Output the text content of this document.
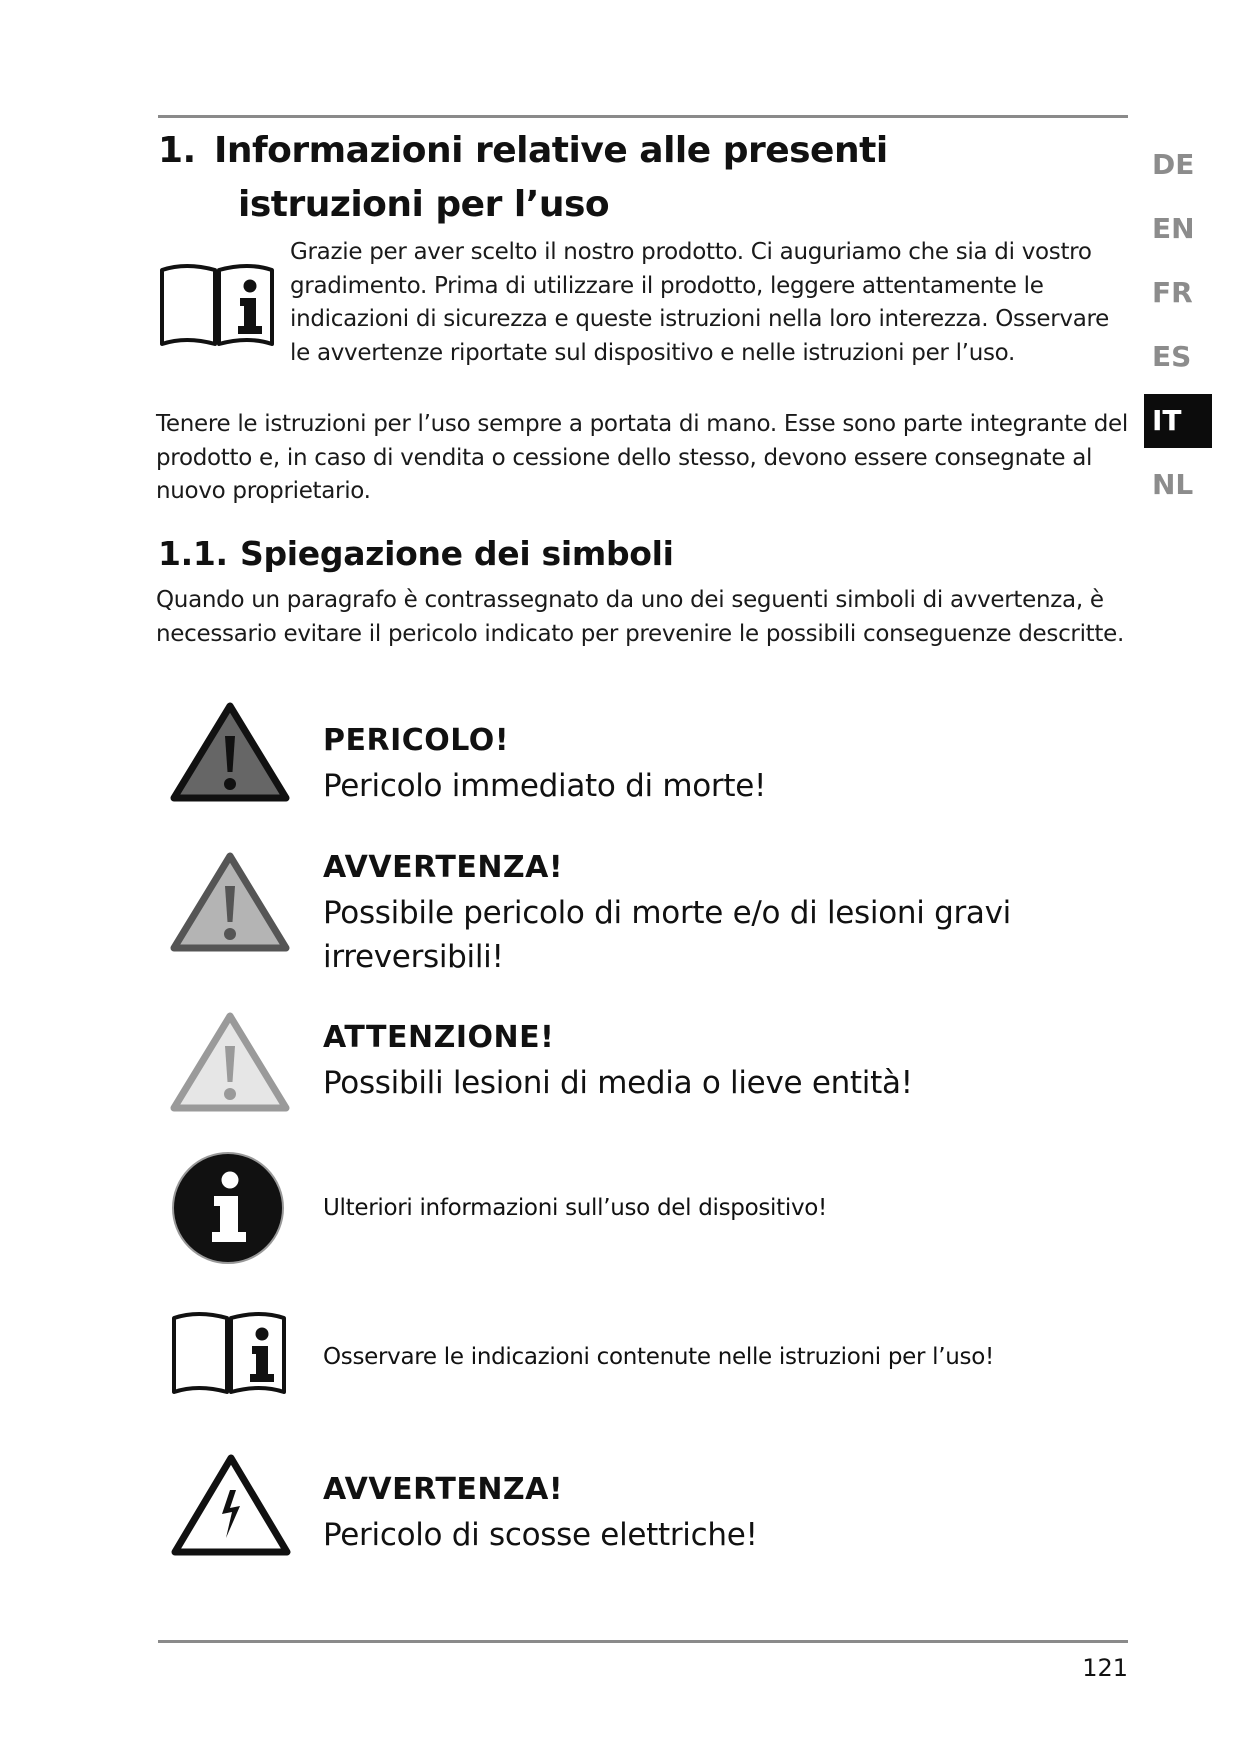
1. Informazioni relative alle presenti
istruzioni per l’uso

Grazie per aver scelto il nostro prodotto. Ci auguriamo che sia di vostro gradimento. Prima di utilizzare il prodotto, leggere attentamente le indicazioni di sicurezza e queste istruzioni nella loro interezza. Osservare le avvertenze riportate sul dispositivo e nelle istruzioni per l’uso.

Tenere le istruzioni per l’uso sempre a portata di mano. Esse sono parte integrante del prodotto e, in caso di vendita o cessione dello stesso, devono essere consegnate al nuovo proprietario.

1.1. Spiegazione dei simboli

Quando un paragrafo è contrassegnato da uno dei seguenti simboli di avvertenza, è necessario evitare il pericolo indicato per prevenire le possibili conseguenze descritte.

PERICOLO!
Pericolo immediato di morte!
AVVERTENZA!
Possibile pericolo di morte e/o di lesioni gravi irreversibili!
ATTENZIONE!
Possibili lesioni di media o lieve entità!
Ulteriori informazioni sull’uso del dispositivo!
Osservare le indicazioni contenute nelle istruzioni per l’uso!
AVVERTENZA!
Pericolo di scosse elettriche!
DE
EN
FR
ES
IT
NL
121
